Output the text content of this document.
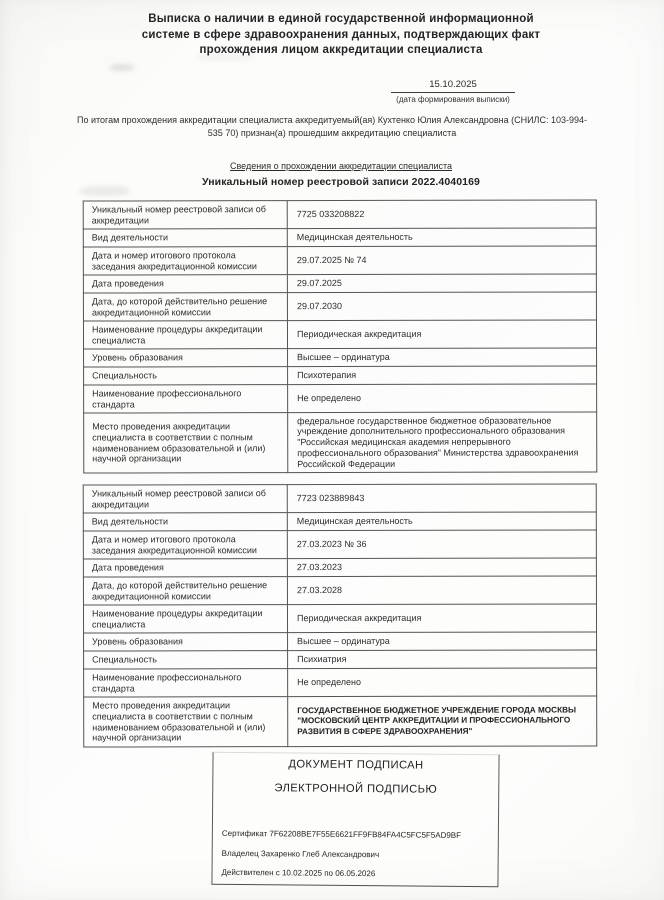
Выписка о наличии в единой государственной информационной
системе в сфере здравоохранения данных, подтверждающих факт
прохождения лицом аккредитации специалиста
15.10.2025
(дата формирования выписки)
По итогам прохождения аккредитации специалиста аккредитуемый(ая) Кухтенко Юлия Александровна (СНИЛС: 103-994-535 70) признан(а) прошедшим аккредитацию специалиста
Сведения о прохождении аккредитации специалиста
Уникальный номер реестровой записи 2022.4040169
Уникальный номер реестровой записи об аккредитации	7725 033208822
Вид деятельности	Медицинская деятельность
Дата и номер итогового протокола заседания аккредитационной комиссии	29.07.2025 № 74
Дата проведения	29.07.2025
Дата, до которой действительно решение аккредитационной комиссии	29.07.2030
Наименование процедуры аккредитации специалиста	Периодическая аккредитация
Уровень образования	Высшее – ординатура
Специальность	Психотерапия
Наименование профессионального стандарта	Не определено
Место проведения аккредитации специалиста в соответствии с полным наименованием образовательной и (или) научной организации	федеральное государственное бюджетное образовательное учреждение дополнительного профессионального образования "Российская медицинская академия непрерывного профессионального образования" Министерства здравоохранения Российской Федерации
Уникальный номер реестровой записи об аккредитации	7723 023889843
Вид деятельности	Медицинская деятельность
Дата и номер итогового протокола заседания аккредитационной комиссии	27.03.2023 № 36
Дата проведения	27.03.2023
Дата, до которой действительно решение аккредитационной комиссии	27.03.2028
Наименование процедуры аккредитации специалиста	Периодическая аккредитация
Уровень образования	Высшее – ординатура
Специальность	Психиатрия
Наименование профессионального стандарта	Не определено
Место проведения аккредитации специалиста в соответствии с полным наименованием образовательной и (или) научной организации	ГОСУДАРСТВЕННОЕ БЮДЖЕТНОЕ УЧРЕЖДЕНИЕ ГОРОДА МОСКВЫ "МОСКОВСКИЙ ЦЕНТР АККРЕДИТАЦИИ И ПРОФЕССИОНАЛЬНОГО РАЗВИТИЯ В СФЕРЕ ЗДРАВООХРАНЕНИЯ"
ДОКУМЕНТ ПОДПИСАН
ЭЛЕКТРОННОЙ ПОДПИСЬЮ
Сертификат 7F62208BE7F55E6621FF9FB84FA4C5FC5F5AD9BF
Владелец Захаренко Глеб Александрович
Действителен с 10.02.2025 по 06.05.2026
